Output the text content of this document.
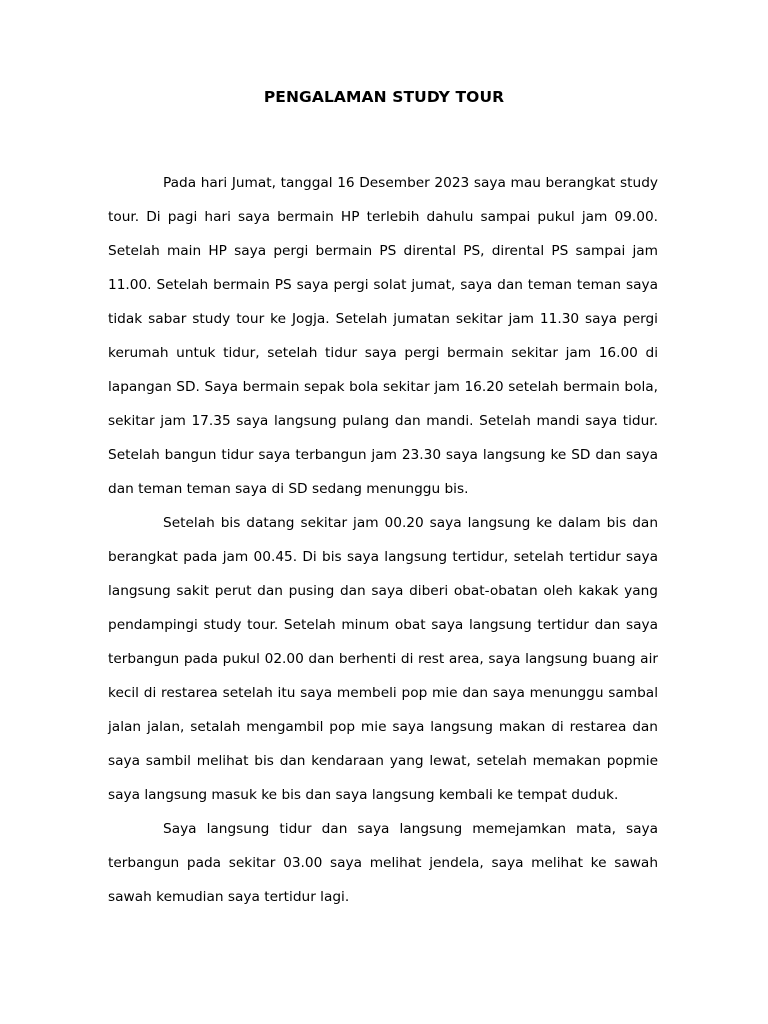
PENGALAMAN STUDY TOUR

Pada hari Jumat, tanggal 16 Desember 2023 saya mau berangkat study tour. Di pagi hari saya bermain HP terlebih dahulu sampai pukul jam 09.00. Setelah main HP saya pergi bermain PS dirental PS, dirental PS sampai jam 11.00. Setelah bermain PS saya pergi solat jumat, saya dan teman teman saya tidak sabar study tour ke Jogja. Setelah jumatan sekitar jam 11.30 saya pergi kerumah untuk tidur, setelah tidur saya pergi bermain sekitar jam 16.00 di lapangan SD. Saya bermain sepak bola sekitar jam 16.20 setelah bermain bola, sekitar jam 17.35 saya langsung pulang dan mandi. Setelah mandi saya tidur. Setelah bangun tidur saya terbangun jam 23.30 saya langsung ke SD dan saya dan teman teman saya di SD sedang menunggu bis.

Setelah bis datang sekitar jam 00.20 saya langsung ke dalam bis dan berangkat pada jam 00.45. Di bis saya langsung tertidur, setelah tertidur saya langsung sakit perut dan pusing dan saya diberi obat-obatan oleh kakak yang pendampingi study tour. Setelah minum obat saya langsung tertidur dan saya terbangun pada pukul 02.00 dan berhenti di rest area, saya langsung buang air kecil di restarea setelah itu saya membeli pop mie dan saya menunggu sambal jalan jalan, setalah mengambil pop mie saya langsung makan di restarea dan saya sambil melihat bis dan kendaraan yang lewat, setelah memakan popmie saya langsung masuk ke bis dan saya langsung kembali ke tempat duduk.

Saya langsung tidur dan saya langsung memejamkan mata, saya terbangun pada sekitar 03.00 saya melihat jendela, saya melihat ke sawah sawah kemudian saya tertidur lagi.
